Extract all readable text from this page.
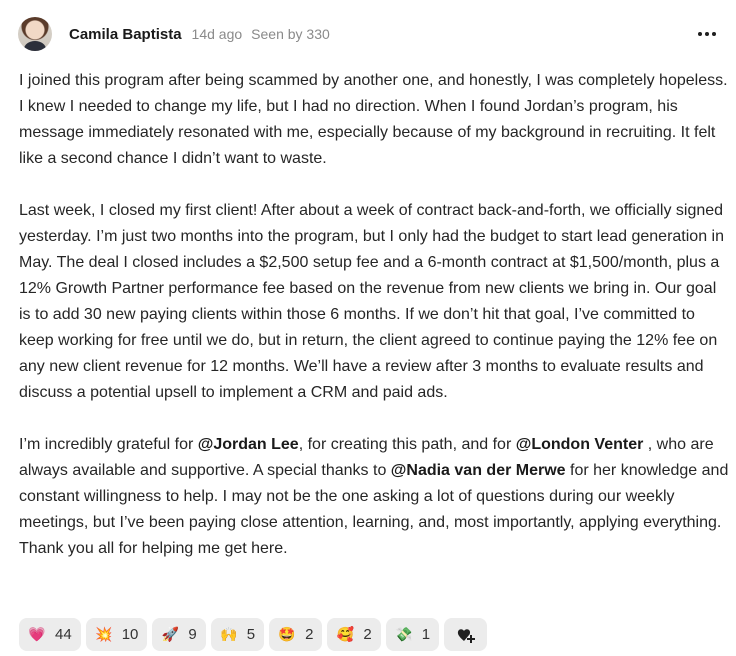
Camila Baptista 14d ago Seen by 330

I joined this program after being scammed by another one, and honestly, I was completely hopeless. I knew I needed to change my life, but I had no direction. When I found Jordan’s program, his message immediately resonated with me, especially because of my background in recruiting. It felt like a second chance I didn’t want to waste.

Last week, I closed my first client! After about a week of contract back-and-forth, we officially signed yesterday. I’m just two months into the program, but I only had the budget to start lead generation in May. The deal I closed includes a $2,500 setup fee and a 6-month contract at $1,500/month, plus a 12% Growth Partner performance fee based on the revenue from new clients we bring in. Our goal is to add 30 new paying clients within those 6 months. If we don’t hit that goal, I’ve committed to keep working for free until we do, but in return, the client agreed to continue paying the 12% fee on any new client revenue for 12 months. We’ll have a review after 3 months to evaluate results and discuss a potential upsell to implement a CRM and paid ads.

I’m incredibly grateful for @Jordan Lee, for creating this path, and for @London Venter , who are always available and supportive. A special thanks to @Nadia van der Merwe for her knowledge and constant willingness to help. I may not be the one asking a lot of questions during our weekly meetings, but I’ve been paying close attention, learning, and, most importantly, applying everything. Thank you all for helping me get here.

💗 44 💥 10 🚀 9 🙌 5 🤩 2 🥰 2 💸 1
